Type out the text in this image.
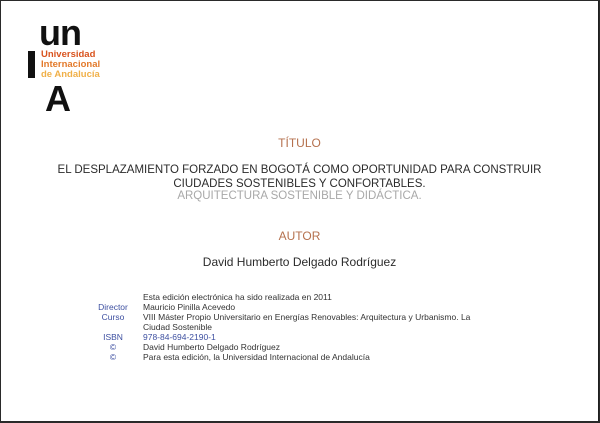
un
Universidad
Internacional
de Andalucía
A
TÍTULO
EL DESPLAZAMIENTO FORZADO EN BOGOTÁ COMO OPORTUNIDAD PARA CONSTRUIR
CIUDADES SOSTENIBLES Y CONFORTABLES.
ARQUITECTURA SOSTENIBLE Y DIDÁCTICA.
AUTOR
David Humberto Delgado Rodríguez
Esta edición electrónica ha sido realizada en 2011
Director	Mauricio Pinilla Acevedo
Curso	VIII Máster Propio Universitario en Energías Renovables: Arquitectura y Urbanismo. La
Ciudad Sostenible
ISBN	978-84-694-2190-1
©	David Humberto Delgado Rodríguez
©	Para esta edición, la Universidad Internacional de Andalucía
